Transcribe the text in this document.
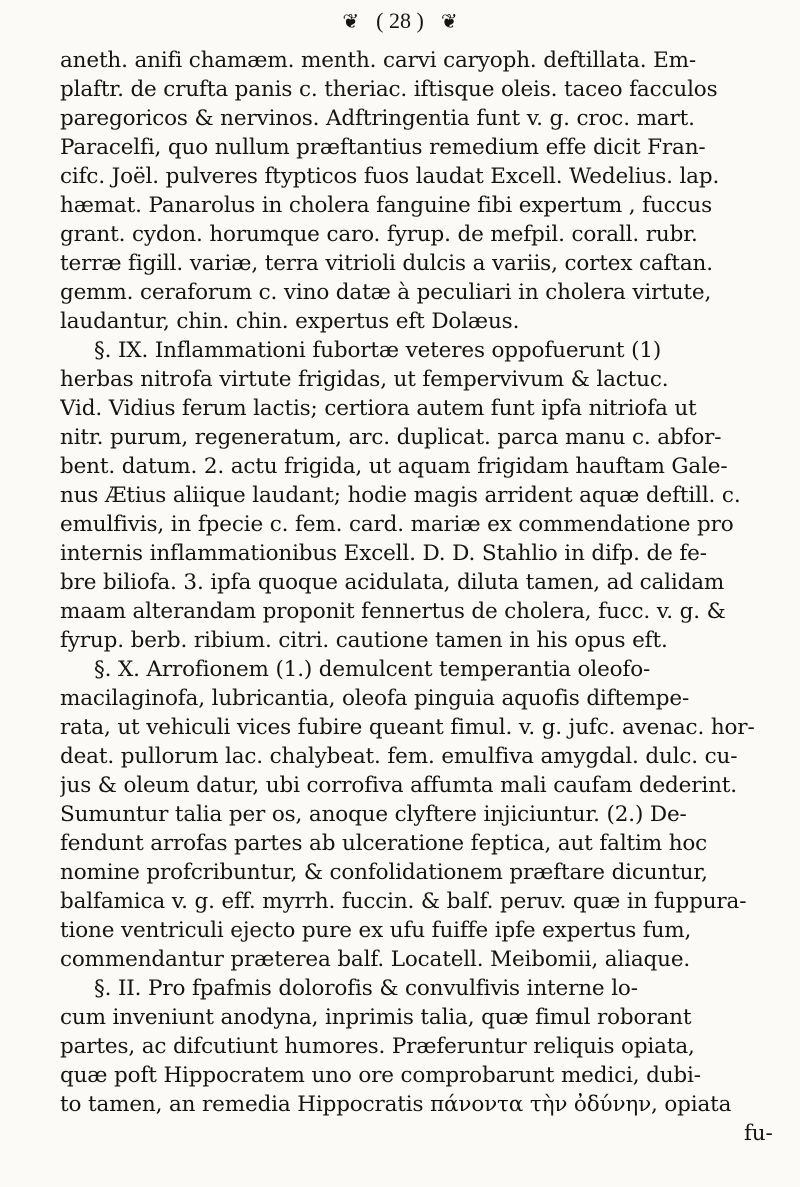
❦ ( 28 ) ❦
aneth. anifi chamæm. menth. carvi caryoph. deftillata. Em-
plaftr. de crufta panis c. theriac. iftisque oleis. taceo facculos
paregoricos & nervinos. Adftringentia funt v. g. croc. mart.
Paracelfi, quo nullum præftantius remedium effe dicit Fran-
cifc. Joël. pulveres ftypticos fuos laudat Excell. Wedelius. lap.
hæmat. Panarolus in cholera fanguine fibi expertum , fuccus
grant. cydon. horumque caro. fyrup. de mefpil. corall. rubr.
terræ figill. variæ, terra vitrioli dulcis a variis, cortex caftan.
gemm. ceraforum c. vino datæ à peculiari in cholera virtute,
laudantur, chin. chin. expertus eft Dolæus.
§. IX. Inflammationi fubortæ veteres oppofuerunt (1)
herbas nitrofa virtute frigidas, ut fempervivum & lactuc.
Vid. Vidius ferum lactis; certiora autem funt ipfa nitriofa ut
nitr. purum, regeneratum, arc. duplicat. parca manu c. abfor-
bent. datum. 2. actu frigida, ut aquam frigidam hauftam Gale-
nus Ætius aliique laudant; hodie magis arrident aquæ deftill. c.
emulfivis, in fpecie c. fem. card. mariæ ex commendatione pro
internis inflammationibus Excell. D. D. Stahlio in difp. de fe-
bre biliofa. 3. ipfa quoque acidulata, diluta tamen, ad calidam
maam alterandam proponit fennertus de cholera, fucc. v. g. &
fyrup. berb. ribium. citri. cautione tamen in his opus eft.
§. X. Arrofionem (1.) demulcent temperantia oleofo-
macilaginofa, lubricantia, oleofa pinguia aquofis diftempe-
rata, ut vehiculi vices fubire queant fimul. v. g. jufc. avenac. hor-
deat. pullorum lac. chalybeat. fem. emulfiva amygdal. dulc. cu-
jus & oleum datur, ubi corrofiva affumta mali caufam dederint.
Sumuntur talia per os, anoque clyftere injiciuntur. (2.) De-
fendunt arrofas partes ab ulceratione feptica, aut faltim hoc
nomine profcribuntur, & confolidationem præftare dicuntur,
balfamica v. g. eff. myrrh. fuccin. & balf. peruv. quæ in fuppura-
tione ventriculi ejecto pure ex ufu fuiffe ipfe expertus fum,
commendantur præterea balf. Locatell. Meibomii, aliaque.
§. II. Pro fpafmis dolorofis & convulfivis interne lo-
cum inveniunt anodyna, inprimis talia, quæ fimul roborant
partes, ac difcutiunt humores. Præferuntur reliquis opiata,
quæ poft Hippocratem uno ore comprobarunt medici, dubi-
to tamen, an remedia Hippocratis πάνοντα τὴν ὀδύνην, opiata
fu-
